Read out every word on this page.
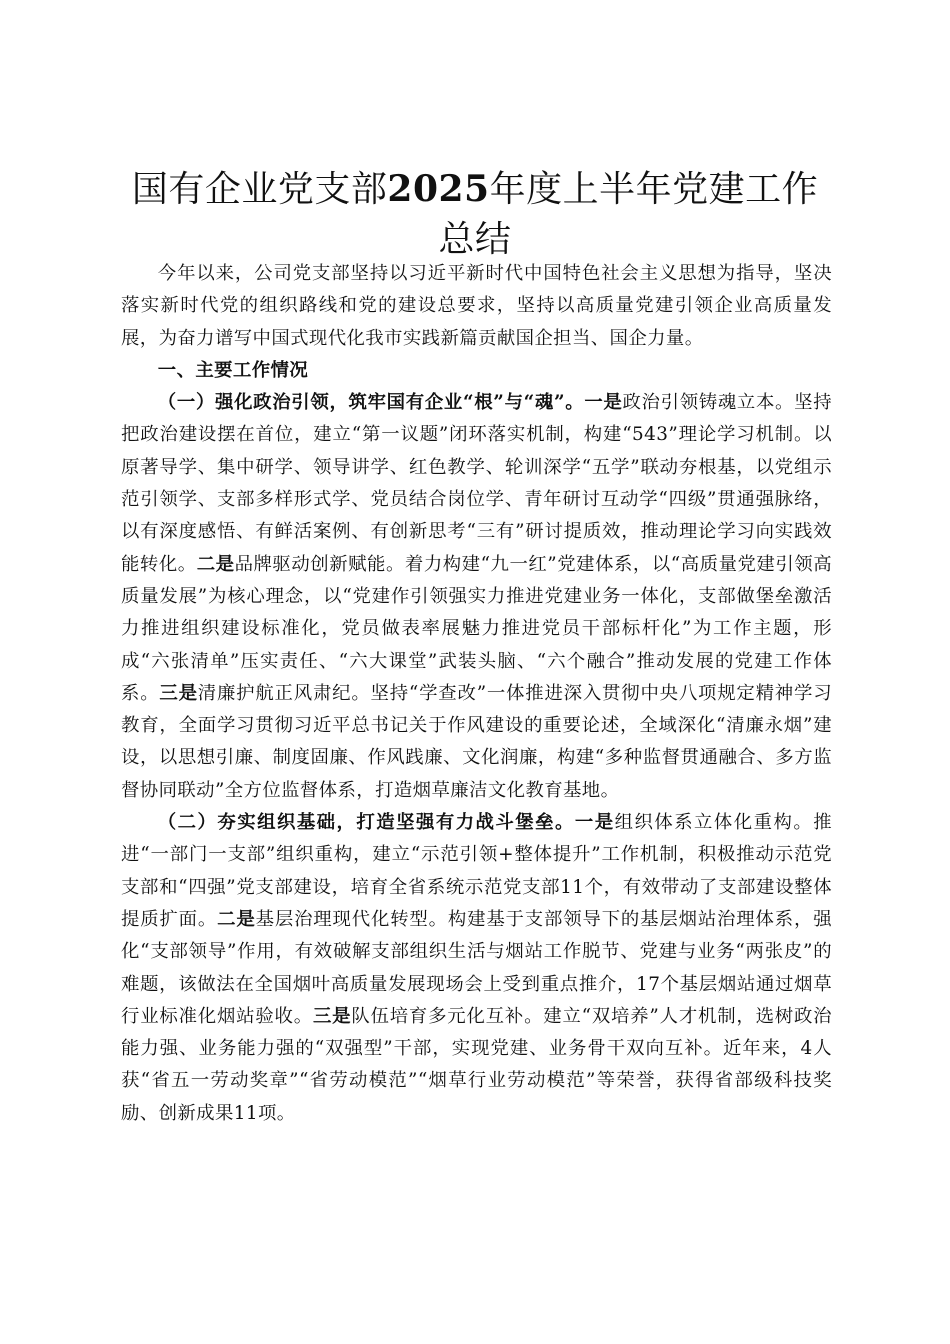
国有企业党支部2025年度上半年党建工作总结

今年以来，公司党支部坚持以习近平新时代中国特色社会主义思想为指导，坚决落实新时代党的组织路线和党的建设总要求，坚持以高质量党建引领企业高质量发展，为奋力谱写中国式现代化我市实践新篇贡献国企担当、国企力量。

一、主要工作情况

（一）强化政治引领，筑牢国有企业“根”与“魂”。一是政治引领铸魂立本。坚持把政治建设摆在首位，建立“第一议题”闭环落实机制，构建“543”理论学习机制。以原著导学、集中研学、领导讲学、红色教学、轮训深学“五学”联动夯根基，以党组示范引领学、支部多样形式学、党员结合岗位学、青年研讨互动学“四级”贯通强脉络，以有深度感悟、有鲜活案例、有创新思考“三有”研讨提质效，推动理论学习向实践效能转化。二是品牌驱动创新赋能。着力构建“九一红”党建体系，以“高质量党建引领高质量发展”为核心理念，以“党建作引领强实力推进党建业务一体化，支部做堡垒激活力推进组织建设标准化，党员做表率展魅力推进党员干部标杆化”为工作主题，形成“六张清单”压实责任、“六大课堂”武装头脑、“六个融合”推动发展的党建工作体系。三是清廉护航正风肃纪。坚持“学查改”一体推进深入贯彻中央八项规定精神学习教育，全面学习贯彻习近平总书记关于作风建设的重要论述，全域深化“清廉永烟”建设，以思想引廉、制度固廉、作风践廉、文化润廉，构建“多种监督贯通融合、多方监督协同联动”全方位监督体系，打造烟草廉洁文化教育基地。

（二）夯实组织基础，打造坚强有力战斗堡垒。一是组织体系立体化重构。推进“一部门一支部”组织重构，建立“示范引领+整体提升”工作机制，积极推动示范党支部和“四强”党支部建设，培育全省系统示范党支部11个，有效带动了支部建设整体提质扩面。二是基层治理现代化转型。构建基于支部领导下的基层烟站治理体系，强化“支部领导”作用，有效破解支部组织生活与烟站工作脱节、党建与业务“两张皮”的难题，该做法在全国烟叶高质量发展现场会上受到重点推介，17个基层烟站通过烟草行业标准化烟站验收。三是队伍培育多元化互补。建立“双培养”人才机制，选树政治能力强、业务能力强的“双强型”干部，实现党建、业务骨干双向互补。近年来，4人获“省五一劳动奖章”“省劳动模范”“烟草行业劳动模范”等荣誉，获得省部级科技奖励、创新成果11项。
